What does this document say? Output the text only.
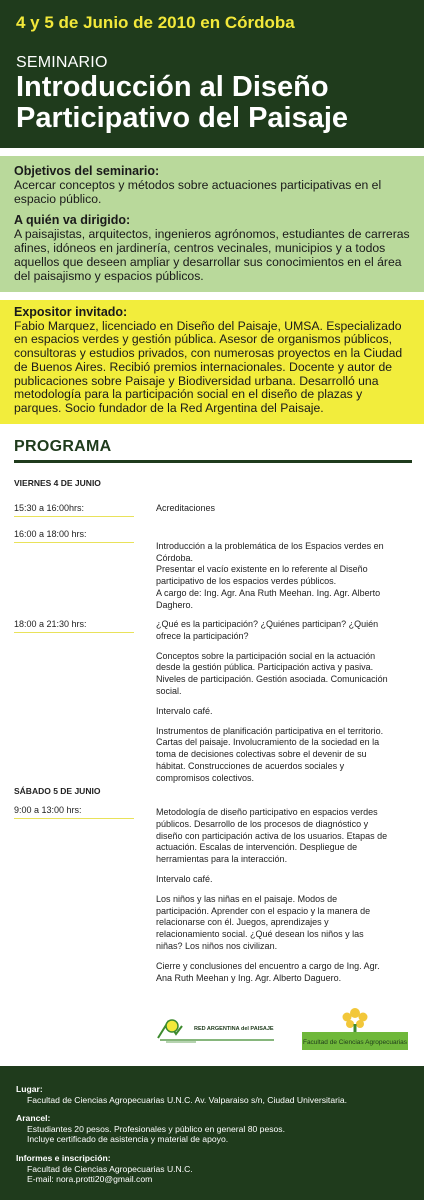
4 y 5 de Junio de 2010 en Córdoba
SEMINARIO
Introducción al Diseño
Participativo del Paisaje
Objetivos del seminario:
Acercar conceptos y métodos sobre actuaciones participativas en el espacio público.
A quién va dirigido:
A paisajistas, arquitectos, ingenieros agrónomos, estudiantes de carreras afines, idóneos en jardinería, centros vecinales, municipios y a todos aquellos que deseen ampliar y desarrollar sus conocimientos en el área del paisajismo y espacios públicos.
Expositor invitado:
Fabio Marquez, licenciado en Diseño del Paisaje, UMSA. Especializado en espacios verdes y gestión pública. Asesor de organismos públicos, consultoras y estudios privados, con numerosas proyectos en la Ciudad de Buenos Aires. Recibió premios internacionales. Docente y autor de publicaciones sobre Paisaje y Biodiversidad urbana. Desarrolló una metodología para la participación social en el diseño de plazas y parques. Socio fundador de la Red Argentina del Paisaje.
PROGRAMA
VIERNES 4 DE JUNIO
15:30 a 16:00hrs:	Acreditaciones

16:00 a 18:00 hrs:

Introducción a la problemática de los Espacios verdes en Córdoba.
Presentar el vacío existente en lo referente al Diseño participativo de los espacios verdes públicos.
A cargo de: Ing. Agr. Ana Ruth Meehan. Ing. Agr. Alberto Daghero.

18:00 a 21:30 hrs:	¿Qué es la participación? ¿Quiénes participan? ¿Quién ofrece la participación?

Conceptos sobre la participación social en la actuación desde la gestión pública. Participación activa y pasiva. Niveles de participación. Gestión asociada. Comunicación social.

Intervalo café.

Instrumentos de planificación participativa en el territorio. Cartas del paisaje. Involucramiento de la sociedad en la toma de decisiones colectivas sobre el devenir de su hábitat. Construcciones de acuerdos sociales y compromisos colectivos.

SÁBADO 5 DE JUNIO
9:00 a 13:00 hrs:	Metodología de diseño participativo en espacios verdes públicos. Desarrollo de los procesos de diagnóstico y diseño con participación activa de los usuarios. Etapas de actuación. Escalas de intervención. Despliegue de herramientas para la interacción.

Intervalo café.

Los niños y las niñas en el paisaje. Modos de participación. Aprender con el espacio y la manera de relacionarse con él. Juegos, aprendizajes y relacionamiento social. ¿Qué desean los niños y las niñas? Los niños nos civilizan.

Cierre y conclusiones del encuentro a cargo de Ing. Agr. Ana Ruth Meehan y Ing. Agr. Alberto Daguero.

RED ARGENTINA del PAISAJE
Facultad de Ciencias Agropecuarias
Lugar:
Facultad de Ciencias Agropecuarias U.N.C. Av. Valparaiso s/n, Ciudad Universitaria.
Arancel:
Estudiantes 20 pesos. Profesionales y público en general 80 pesos.
Incluye certificado de asistencia y material de apoyo.
Informes e inscripción:
Facultad de Ciencias Agropecuarias U.N.C.
E-mail: nora.protti20@gmail.com
